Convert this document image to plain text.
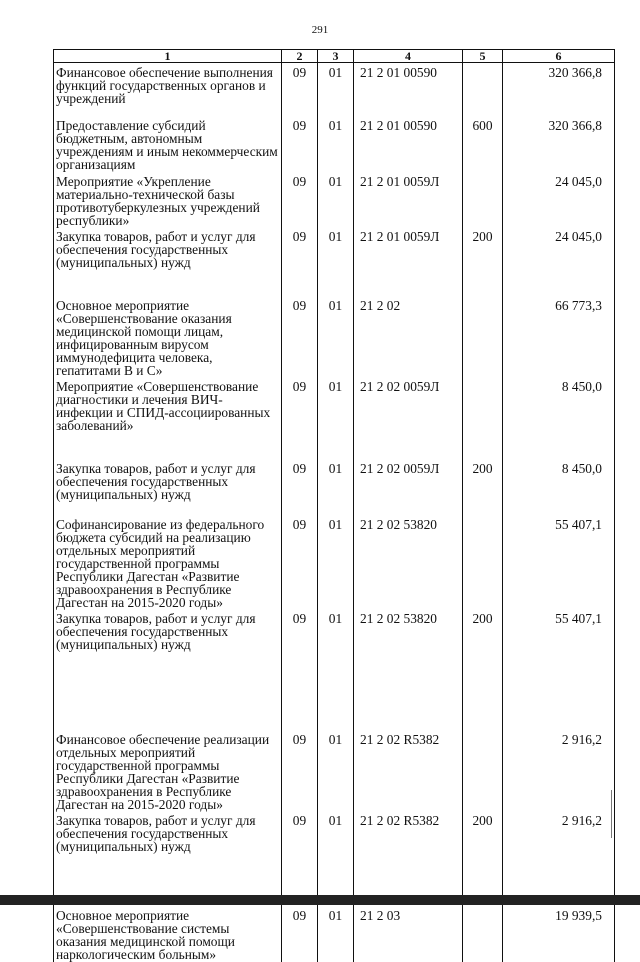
291
1	2	3	4	5	6
Финансовое обеспечение выполнения функций государственных органов и учреждений	09	01	21 2 01 00590		320 366,8
Предоставление субсидий бюджетным, автономным учреждениям и иным некоммерческим организациям	09	01	21 2 01 00590	600	320 366,8
Мероприятие «Укрепление материально-технической базы противотуберкулезных учреждений республики»	09	01	21 2 01 0059Л		24 045,0
Закупка товаров, работ и услуг для обеспечения государственных (муниципальных) нужд	09	01	21 2 01 0059Л	200	24 045,0
Основное мероприятие «Совершенствование оказания медицинской помощи лицам, инфицированным вирусом иммунодефицита человека, гепатитами В и С»	09	01	21 2 02		66 773,3
Мероприятие «Совершенствование диагностики и лечения ВИЧ-инфекции и СПИД-ассоциированных заболеваний»	09	01	21 2 02 0059Л		8 450,0
Закупка товаров, работ и услуг для обеспечения государственных (муниципальных) нужд	09	01	21 2 02 0059Л	200	8 450,0
Софинансирование из федерального бюджета субсидий на реализацию отдельных мероприятий государственной программы Республики Дагестан «Развитие здравоохранения в Республике Дагестан на 2015-2020 годы»	09	01	21 2 02 53820		55 407,1
Закупка товаров, работ и услуг для обеспечения государственных (муниципальных) нужд	09	01	21 2 02 53820	200	55 407,1
Финансовое обеспечение реализации отдельных мероприятий государственной программы Республики Дагестан «Развитие здравоохранения в Республике Дагестан на 2015-2020 годы»	09	01	21 2 02 R5382		2 916,2
Закупка товаров, работ и услуг для обеспечения государственных (муниципальных) нужд	09	01	21 2 02 R5382	200	2 916,2
Основное мероприятие «Совершенствование системы оказания медицинской помощи наркологическим больным»	09	01	21 2 03		19 939,5
